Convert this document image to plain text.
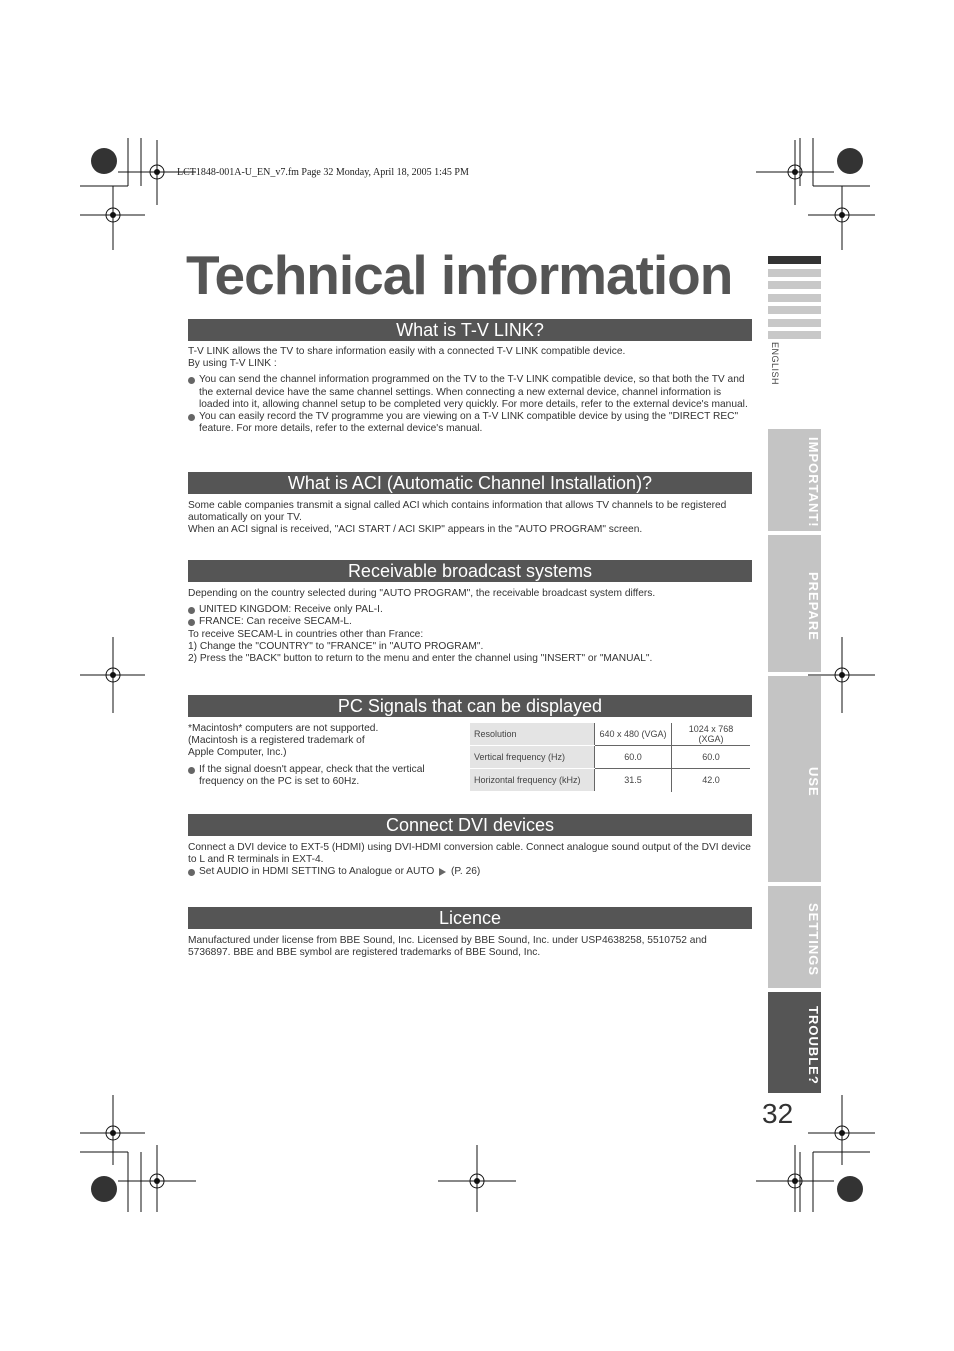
LCT1848-001A-U_EN_v7.fm Page 32 Monday, April 18, 2005 1:45 PM
Technical information
What is T-V LINK?

T-V LINK allows the TV to share information easily with a connected T-V LINK compatible device.

By using T-V LINK :

You can send the channel information programmed on the TV to the T-V LINK compatible device, so that both the TV and the external device have the same channel settings. When connecting a new external device, channel information is loaded into it, allowing channel setup to be completed very quickly. For more details, refer to the external device's manual.

You can easily record the TV programme you are viewing on a T-V LINK compatible device by using the "DIRECT REC" feature. For more details, refer to the external device's manual.

What is ACI (Automatic Channel Installation)?

Some cable companies transmit a signal called ACI which contains information that allows TV channels to be registered automatically on your TV.

When an ACI signal is received, "ACI START / ACI SKIP" appears in the "AUTO PROGRAM" screen.

Receivable broadcast systems

Depending on the country selected during "AUTO PROGRAM", the receivable broadcast system differs.

UNITED KINGDOM: Receive only PAL-I.

FRANCE: Can receive SECAM-L.

To receive SECAM-L in countries other than France:

1) Change the "COUNTRY" to "FRANCE" in "AUTO PROGRAM".

2) Press the "BACK" button to return to the menu and enter the channel using "INSERT" or "MANUAL".

PC Signals that can be displayed

*Macintosh* computers are not supported.

(Macintosh is a registered trademark of

Apple Computer, Inc.)

If the signal doesn't appear, check that the vertical frequency on the PC is set to 60Hz.

Resolution	640 x 480 (VGA)	1024 x 768 (XGA)
Vertical frequency (Hz)	60.0	60.0
Horizontal frequency (kHz)	31.5	42.0
Connect DVI devices

Connect a DVI device to EXT-5 (HDMI) using DVI-HDMI conversion cable. Connect analogue sound output of the DVI device to L and R terminals in EXT-4.

Set AUDIO in HDMI SETTING to Analogue or AUTO (P. 26)

Licence

Manufactured under license from BBE Sound, Inc. Licensed by BBE Sound, Inc. under USP4638258, 5510752 and 5736897. BBE and BBE symbol are registered trademarks of BBE Sound, Inc.

ENGLISH
IMPORTANT!
PREPARE
USE
SETTINGS
TROUBLE?
32
